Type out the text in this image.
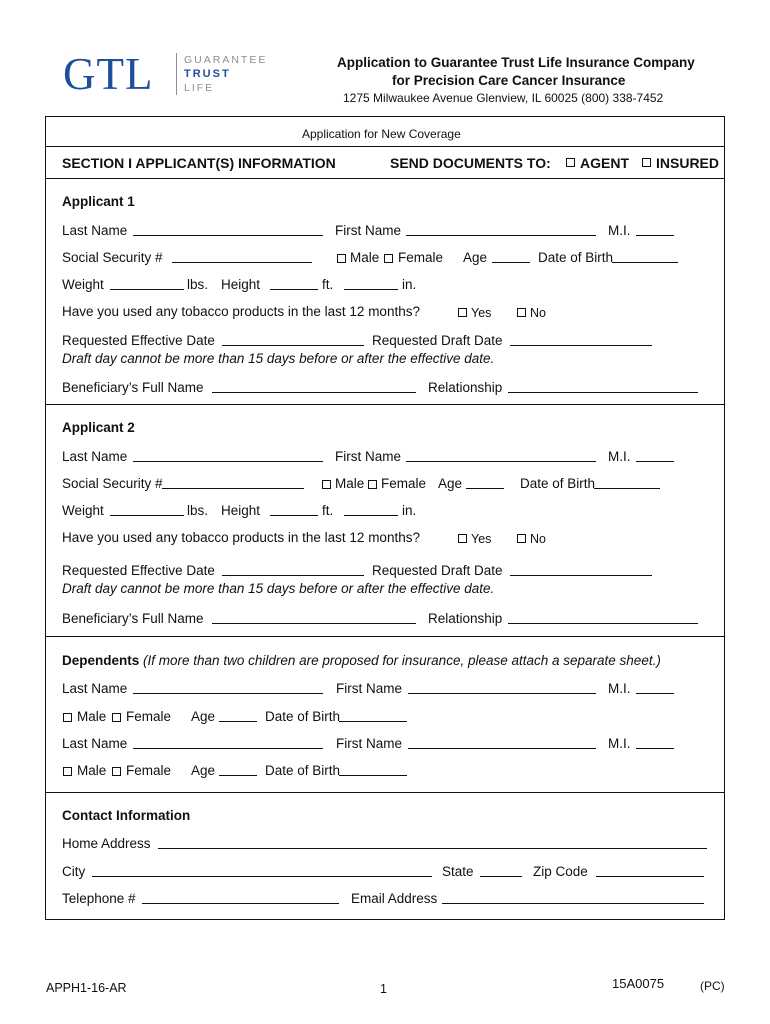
GTL	GUARANTEE
TRUST
LIFE
Application to Guarantee Trust Life Insurance Company
for Precision Care Cancer Insurance
1275 Milwaukee Avenue Glenview, IL 60025 (800) 338-7452
Application for New Coverage
SECTION I APPLICANT(S) INFORMATION	SEND DOCUMENTS TO: AGENT INSURED
Applicant 1
Last Name	First Name	M.I.
Social Security #	Male Female Age	Date of Birth
Weight	lbs. Height	ft.	in.
Have you used any tobacco products in the last 12 months?	Yes	No
Requested Effective Date	Requested Draft Date
Draft day cannot be more than 15 days before or after the effective date.
Beneficiary’s Full Name	Relationship
Applicant 2
Last Name	First Name	M.I.
Social Security #	Male Female Age	Date of Birth
Weight	lbs. Height	ft.	in.
Have you used any tobacco products in the last 12 months?	Yes	No
Requested Effective Date	Requested Draft Date
Draft day cannot be more than 15 days before or after the effective date.
Beneficiary’s Full Name	Relationship
Dependents (If more than two children are proposed for insurance, please attach a separate sheet.)
Last Name	First Name	M.I.
Male Female Age	Date of Birth
Last Name	First Name	M.I.
Male Female Age	Date of Birth
Contact Information
Home Address
City	State	Zip Code
Telephone #	Email Address
APPH1-16-AR	1	15A0075	(PC)
